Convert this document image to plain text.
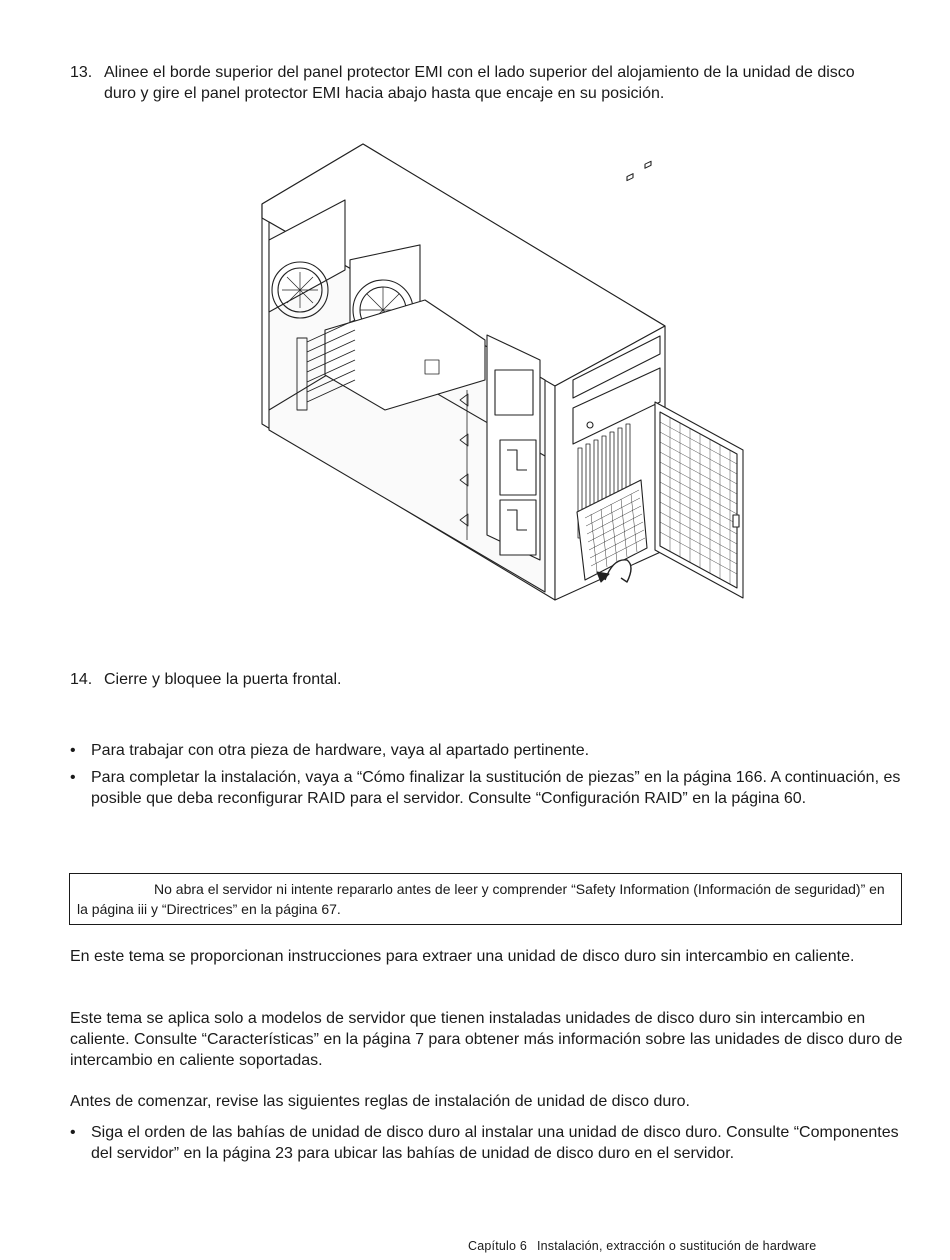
13. Alinee el borde superior del panel protector EMI con el lado superior del alojamiento de la unidad de disco duro y gire el panel protector EMI hacia abajo hasta que encaje en su posición.
14. Cierre y bloquee la puerta frontal.
• Para trabajar con otra pieza de hardware, vaya al apartado pertinente.
• Para completar la instalación, vaya a “Cómo finalizar la sustitución de piezas” en la página 166. A continuación, es posible que deba reconfigurar RAID para el servidor. Consulte “Configuración RAID” en la página 60.
No abra el servidor ni intente repararlo antes de leer y comprender “Safety Information (Información de seguridad)” en la página iii y “Directrices” en la página 67.

En este tema se proporcionan instrucciones para extraer una unidad de disco duro sin intercambio en caliente.

Este tema se aplica solo a modelos de servidor que tienen instaladas unidades de disco duro sin intercambio en caliente. Consulte “Características” en la página 7 para obtener más información sobre las unidades de disco duro de intercambio en caliente soportadas.

Antes de comenzar, revise las siguientes reglas de instalación de unidad de disco duro.

• Siga el orden de las bahías de unidad de disco duro al instalar una unidad de disco duro. Consulte “Componentes del servidor” en la página 23 para ubicar las bahías de unidad de disco duro en el servidor.
Capítulo 6 Instalación, extracción o sustitución de hardware
